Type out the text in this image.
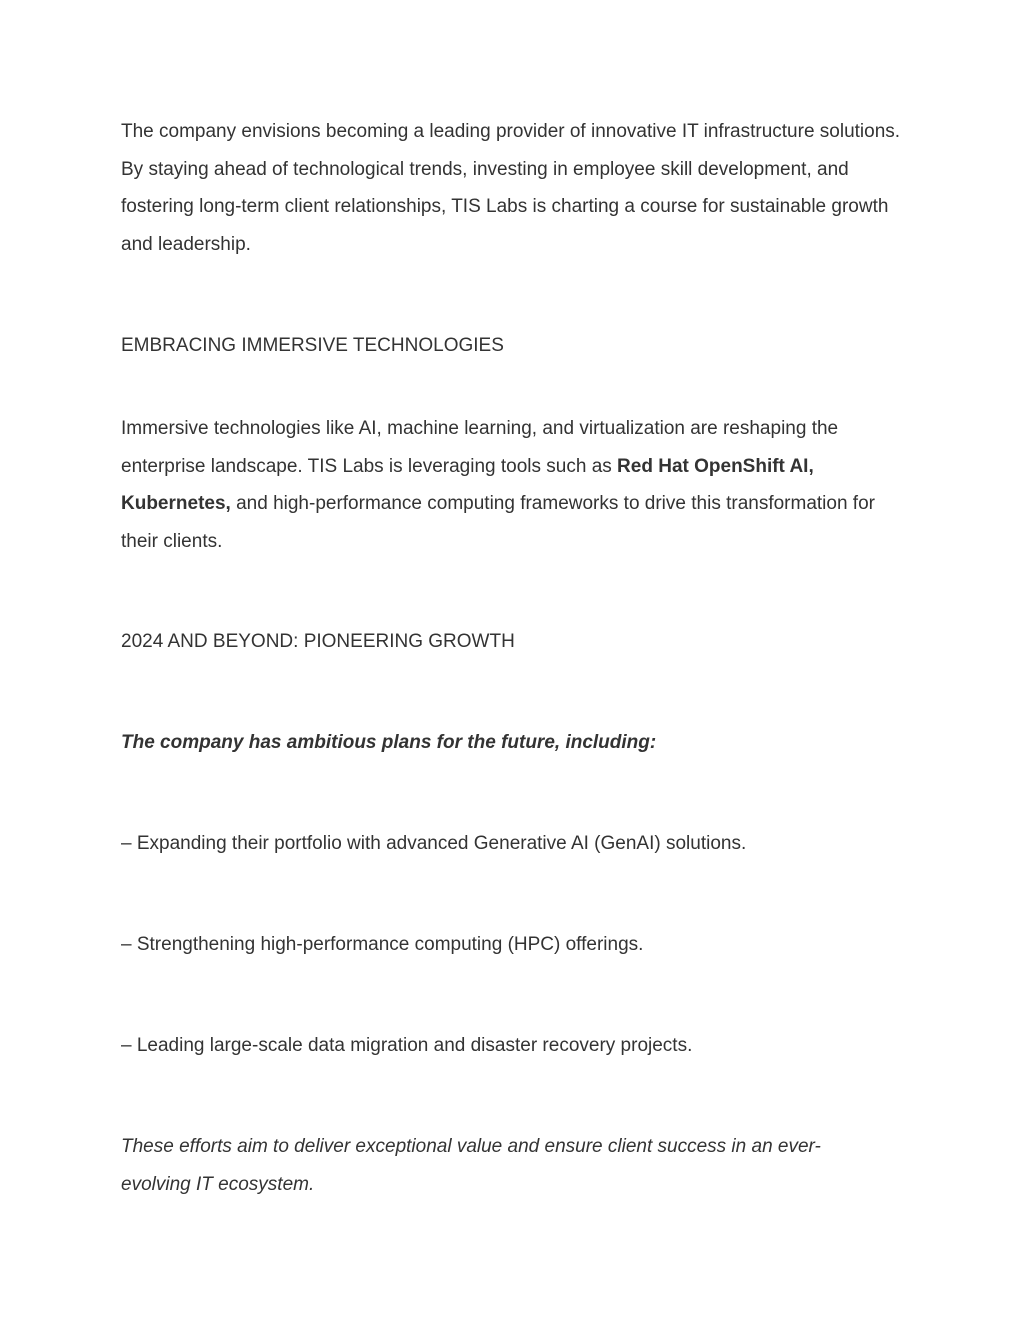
The company envisions becoming a leading provider of innovative IT infrastructure solutions. By staying ahead of technological trends, investing in employee skill development, and fostering long-term client relationships, TIS Labs is charting a course for sustainable growth and leadership.

EMBRACING IMMERSIVE TECHNOLOGIES

Immersive technologies like AI, machine learning, and virtualization are reshaping the enterprise landscape. TIS Labs is leveraging tools such as Red Hat OpenShift AI, Kubernetes, and high-performance computing frameworks to drive this transformation for their clients.

2024 AND BEYOND: PIONEERING GROWTH

The company has ambitious plans for the future, including:

– Expanding their portfolio with advanced Generative AI (GenAI) solutions.

– Strengthening high-performance computing (HPC) offerings.

– Leading large-scale data migration and disaster recovery projects.

These efforts aim to deliver exceptional value and ensure client success in an ever-evolving IT ecosystem.
